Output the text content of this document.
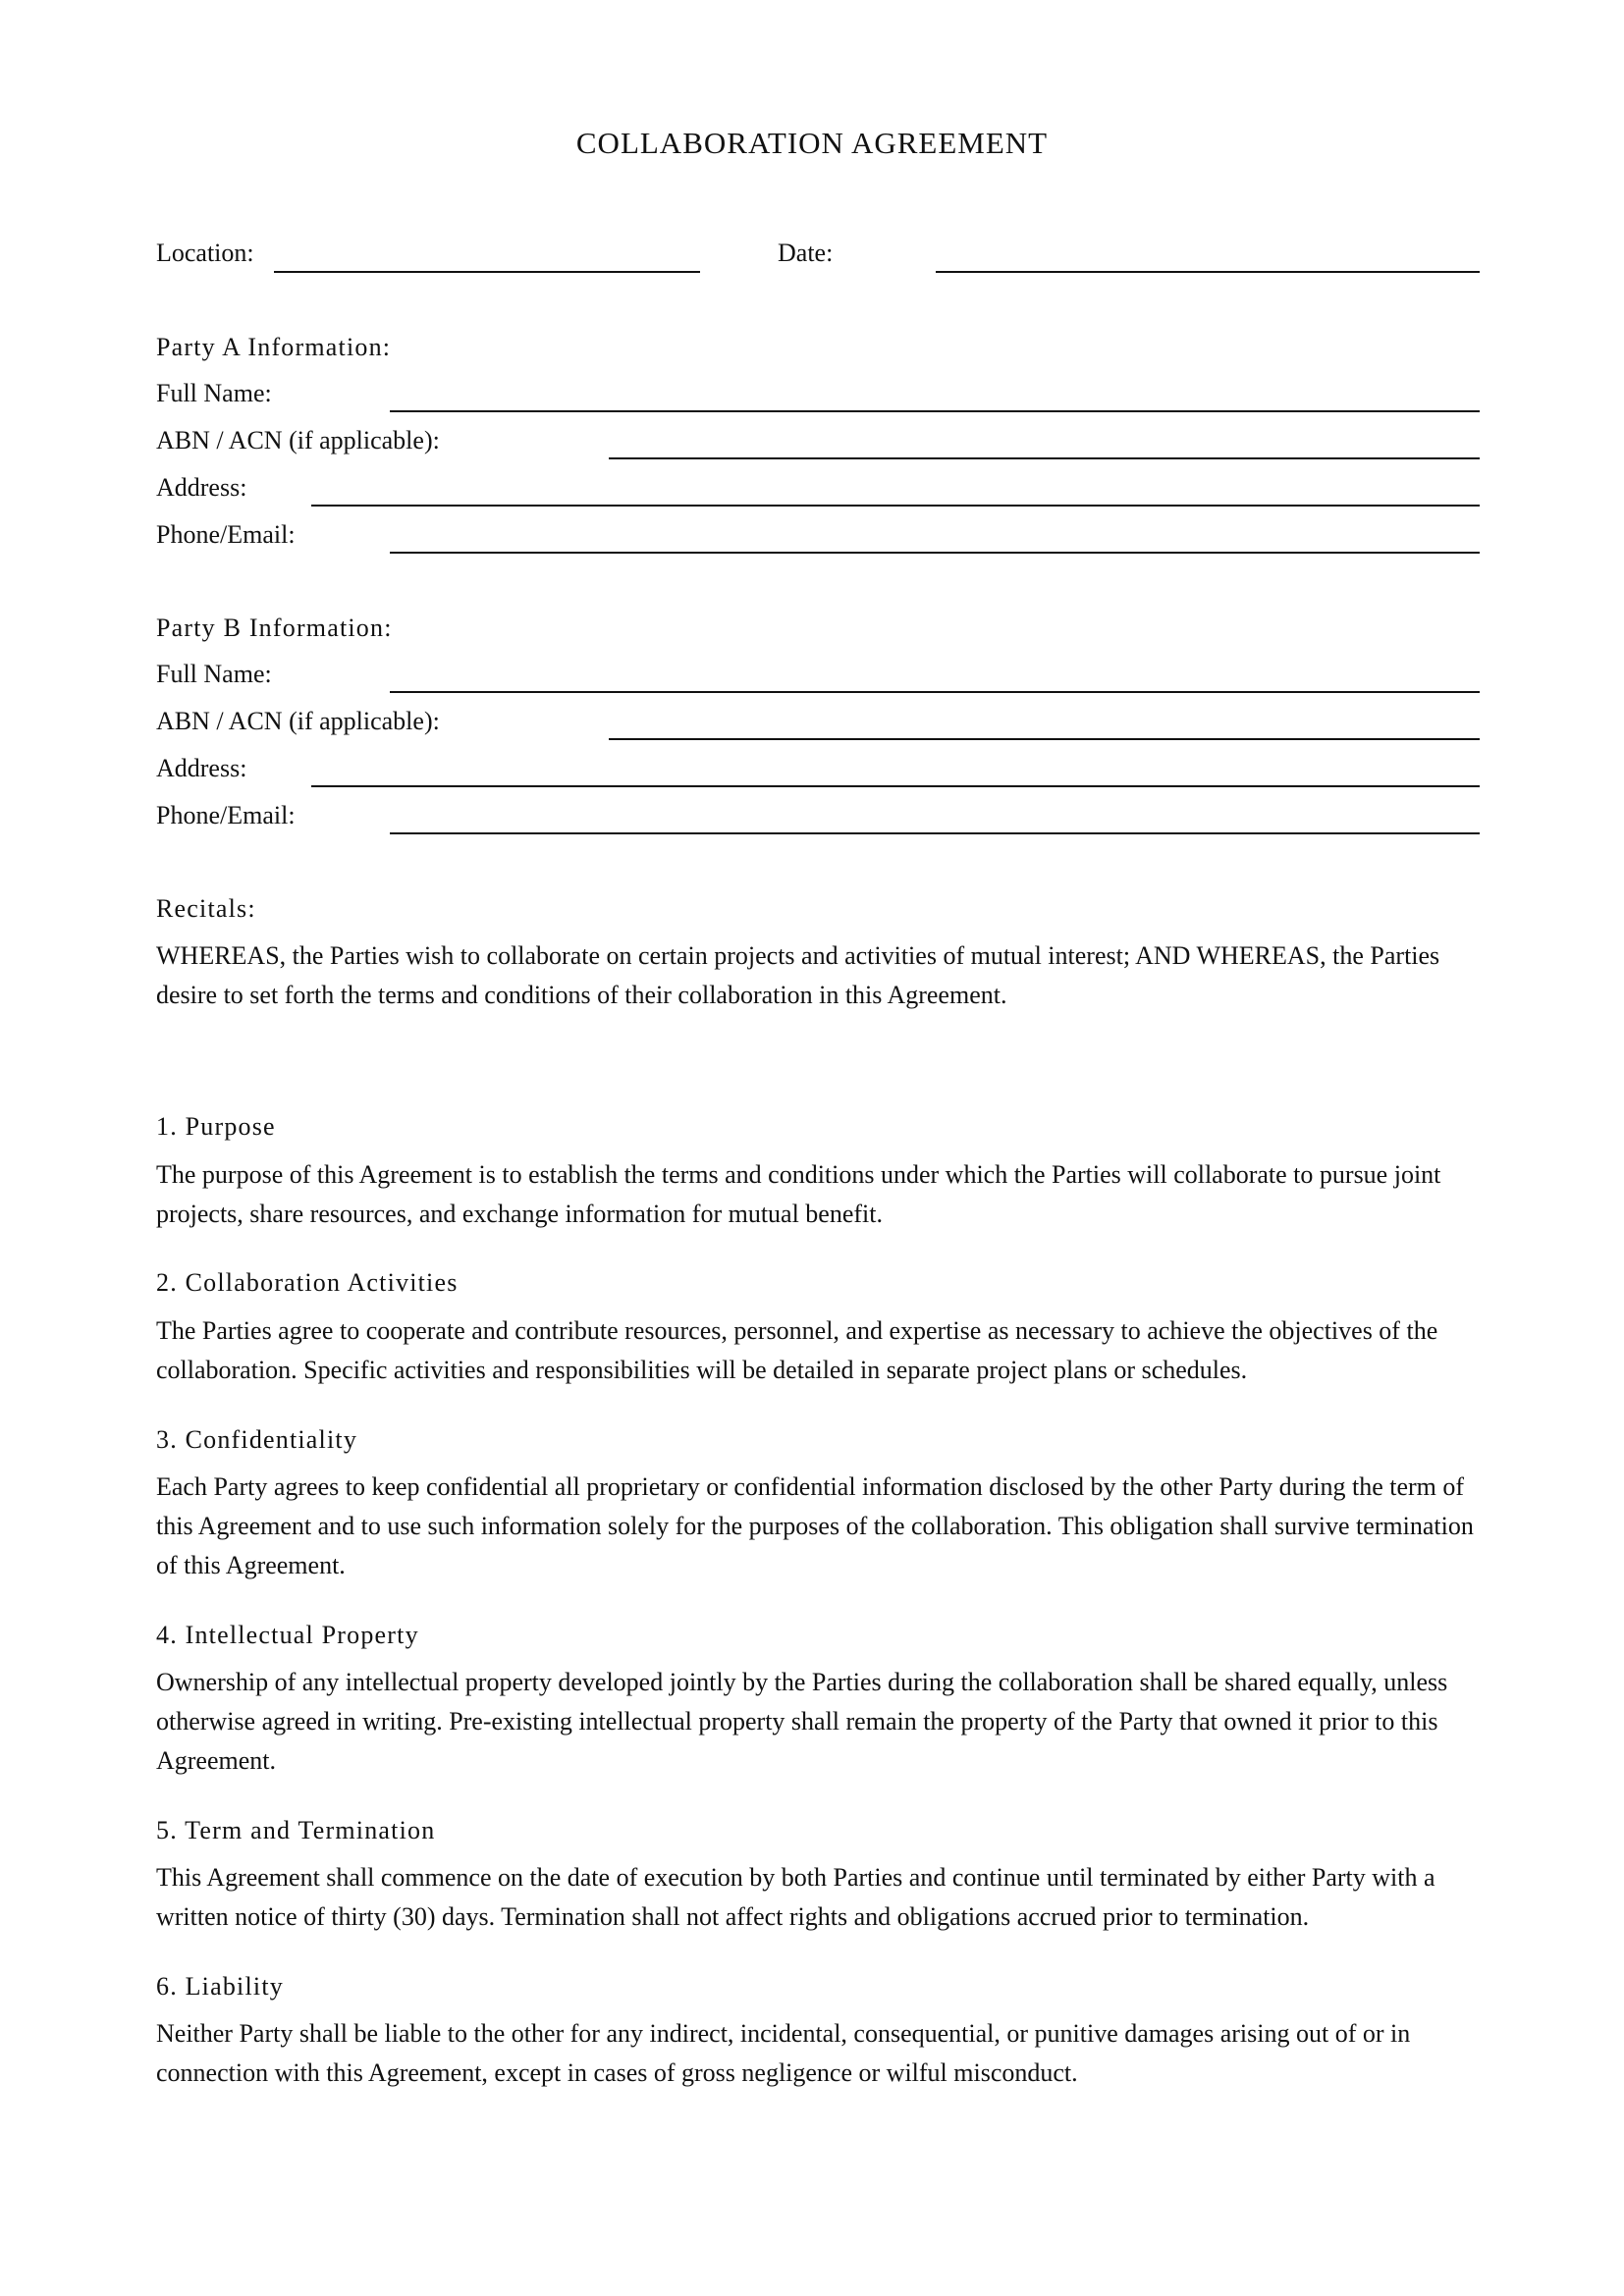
COLLABORATION AGREEMENT
Location:	Date:
Party A Information:
Full Name:
ABN / ACN (if applicable):
Address:
Phone/Email:
Party B Information:
Full Name:
ABN / ACN (if applicable):
Address:
Phone/Email:
Recitals:

WHEREAS, the Parties wish to collaborate on certain projects and activities of mutual interest; AND WHEREAS, the Parties desire to set forth the terms and conditions of their collaboration in this Agreement.

1. Purpose

The purpose of this Agreement is to establish the terms and conditions under which the Parties will collaborate to pursue joint projects, share resources, and exchange information for mutual benefit.

2. Collaboration Activities

The Parties agree to cooperate and contribute resources, personnel, and expertise as necessary to achieve the objectives of the collaboration. Specific activities and responsibilities will be detailed in separate project plans or schedules.

3. Confidentiality

Each Party agrees to keep confidential all proprietary or confidential information disclosed by the other Party during the term of this Agreement and to use such information solely for the purposes of the collaboration. This obligation shall survive termination of this Agreement.

4. Intellectual Property

Ownership of any intellectual property developed jointly by the Parties during the collaboration shall be shared equally, unless otherwise agreed in writing. Pre-existing intellectual property shall remain the property of the Party that owned it prior to this Agreement.

5. Term and Termination

This Agreement shall commence on the date of execution by both Parties and continue until terminated by either Party with a written notice of thirty (30) days. Termination shall not affect rights and obligations accrued prior to termination.

6. Liability

Neither Party shall be liable to the other for any indirect, incidental, consequential, or punitive damages arising out of or in connection with this Agreement, except in cases of gross negligence or wilful misconduct.
